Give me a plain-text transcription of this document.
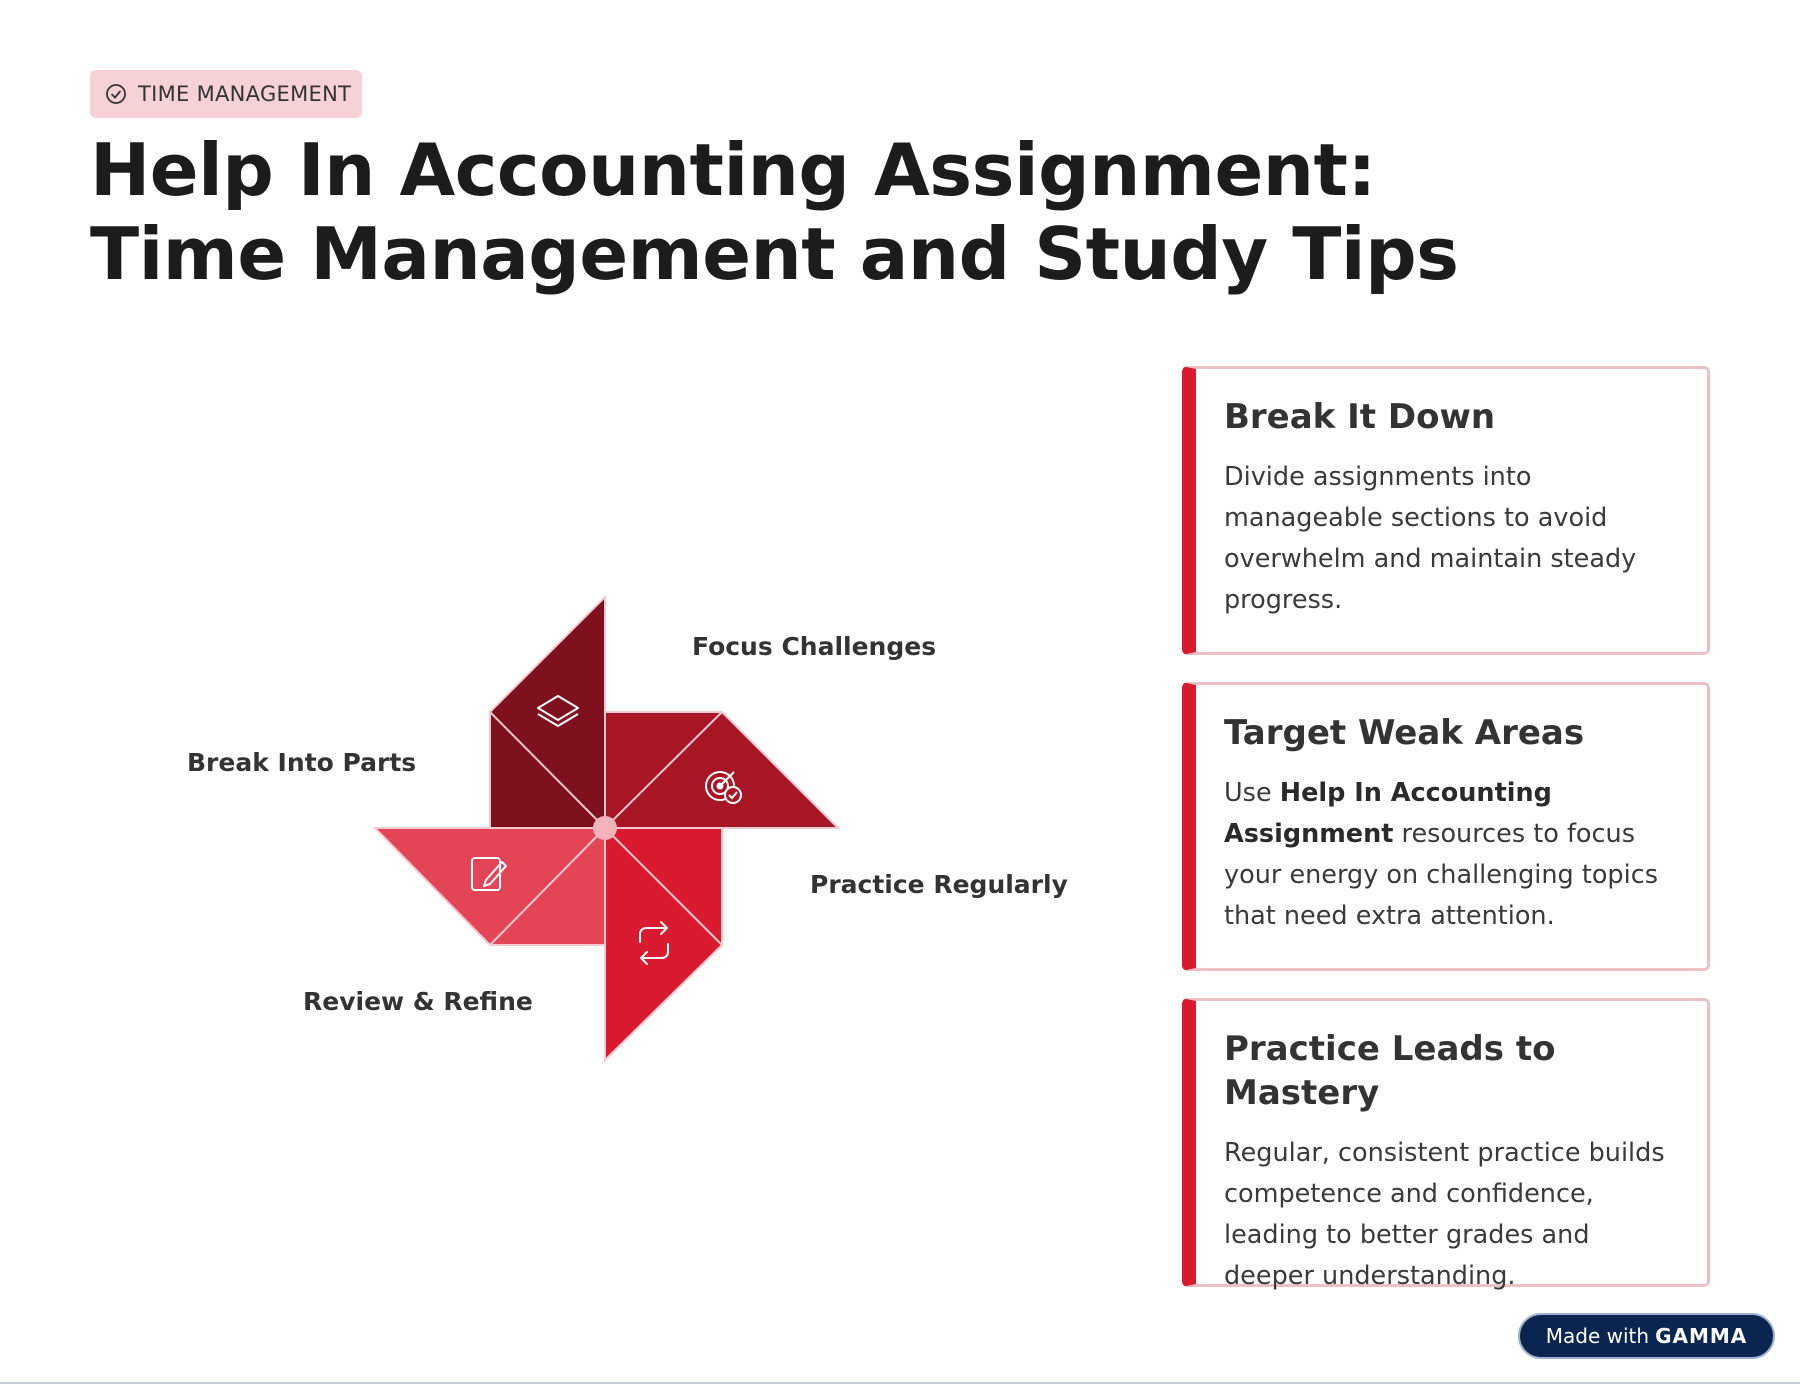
TIME MANAGEMENT
Help In Accounting Assignment: Time Management and Study Tips
Focus Challenges
Break Into Parts
Practice Regularly
Review & Refine
Break It Down

Divide assignments into manageable sections to avoid overwhelm and maintain steady progress.

Target Weak Areas

Use Help In Accounting Assignment resources to focus your energy on challenging topics that need extra attention.

Practice Leads to Mastery

Regular, consistent practice builds competence and confidence, leading to better grades and deeper understanding.

Made with GAMMA
